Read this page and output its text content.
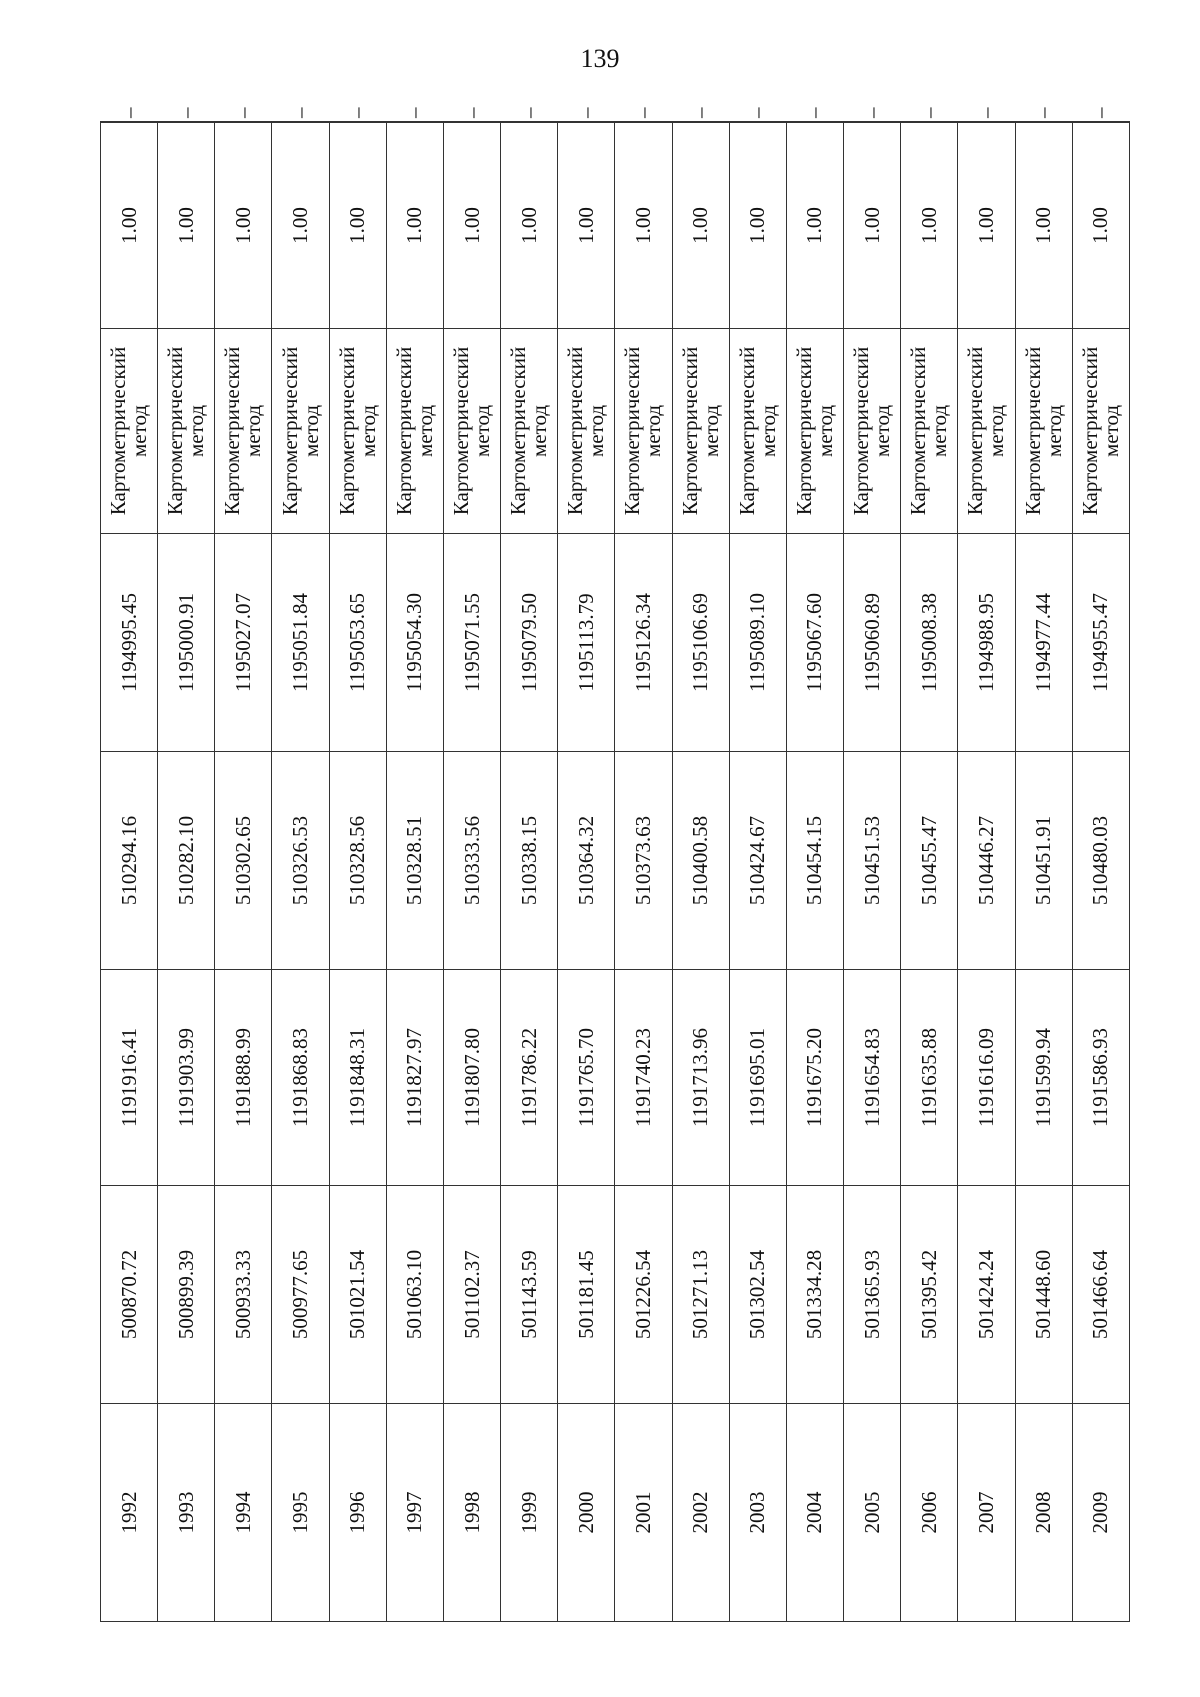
139
1992	500870.72	1191916.41	510294.16	1194995.45	Картометрический
метод	1.00	–
1993	500899.39	1191903.99	510282.10	1195000.91	Картометрический
метод	1.00	–
1994	500933.33	1191888.99	510302.65	1195027.07	Картометрический
метод	1.00	–
1995	500977.65	1191868.83	510326.53	1195051.84	Картометрический
метод	1.00	–
1996	501021.54	1191848.31	510328.56	1195053.65	Картометрический
метод	1.00	–
1997	501063.10	1191827.97	510328.51	1195054.30	Картометрический
метод	1.00	–
1998	501102.37	1191807.80	510333.56	1195071.55	Картометрический
метод	1.00	–
1999	501143.59	1191786.22	510338.15	1195079.50	Картометрический
метод	1.00	–
2000	501181.45	1191765.70	510364.32	1195113.79	Картометрический
метод	1.00	–
2001	501226.54	1191740.23	510373.63	1195126.34	Картометрический
метод	1.00	–
2002	501271.13	1191713.96	510400.58	1195106.69	Картометрический
метод	1.00	–
2003	501302.54	1191695.01	510424.67	1195089.10	Картометрический
метод	1.00	–
2004	501334.28	1191675.20	510454.15	1195067.60	Картометрический
метод	1.00	–
2005	501365.93	1191654.83	510451.53	1195060.89	Картометрический
метод	1.00	–
2006	501395.42	1191635.88	510455.47	1195008.38	Картометрический
метод	1.00	–
2007	501424.24	1191616.09	510446.27	1194988.95	Картометрический
метод	1.00	–
2008	501448.60	1191599.94	510451.91	1194977.44	Картометрический
метод	1.00	–
2009	501466.64	1191586.93	510480.03	1194955.47	Картометрический
метод	1.00	–
